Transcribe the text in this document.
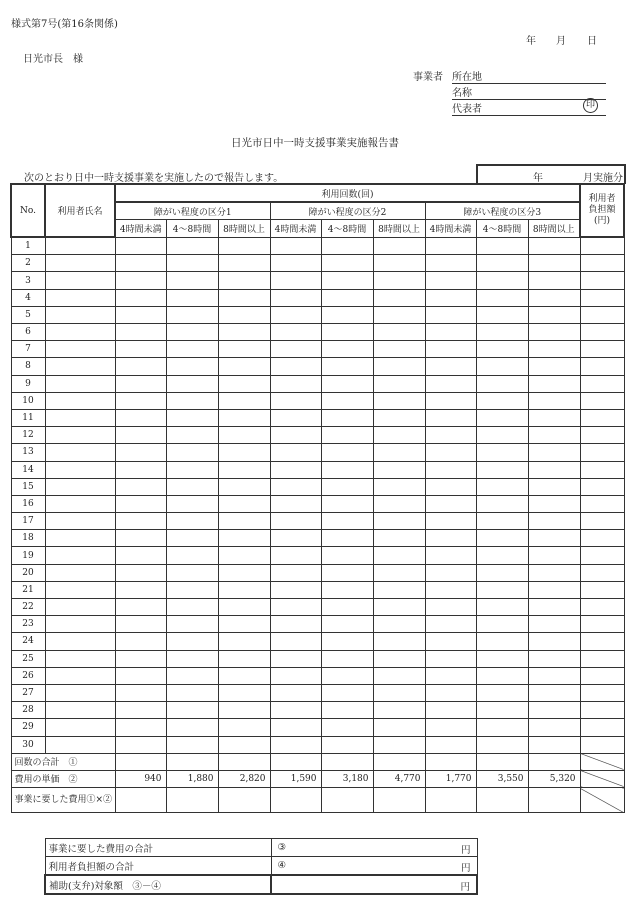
様式第7号(第16条関係)
年 月 日
日光市長　様
事業者 所在地
名称
代表者	印
日光市日中一時支援事業実施報告書
次のとおり日中一時支援事業を実施したので報告します。	年	月実施分
No.	利用者氏名	利用回数(回)									利用者負担額(円)
		障がい程度の区分1			障がい程度の区分2			障がい程度の区分3			
		4時間未満	4～8時間	8時間以上	4時間未満	4～8時間	8時間以上	4時間未満	4～8時間	8時間以上	
1											
2											
3											
4											
5											
6											
7											
8											
9											
10											
11											
12											
13											
14											
15											
16											
17											
18											
19											
20											
21											
22											
23											
24											
25											
26											
27											
28											
29											
30											
回数の合計　①											
費用の単価　②		940	1,880	2,820	1,590	3,180	4,770	1,770	3,550	5,320	
事業に要した費用①×②											
事業に要した費用の合計	③ 円

利用者負担額の合計	④ 円

補助(支弁)対象額　③－④	円
